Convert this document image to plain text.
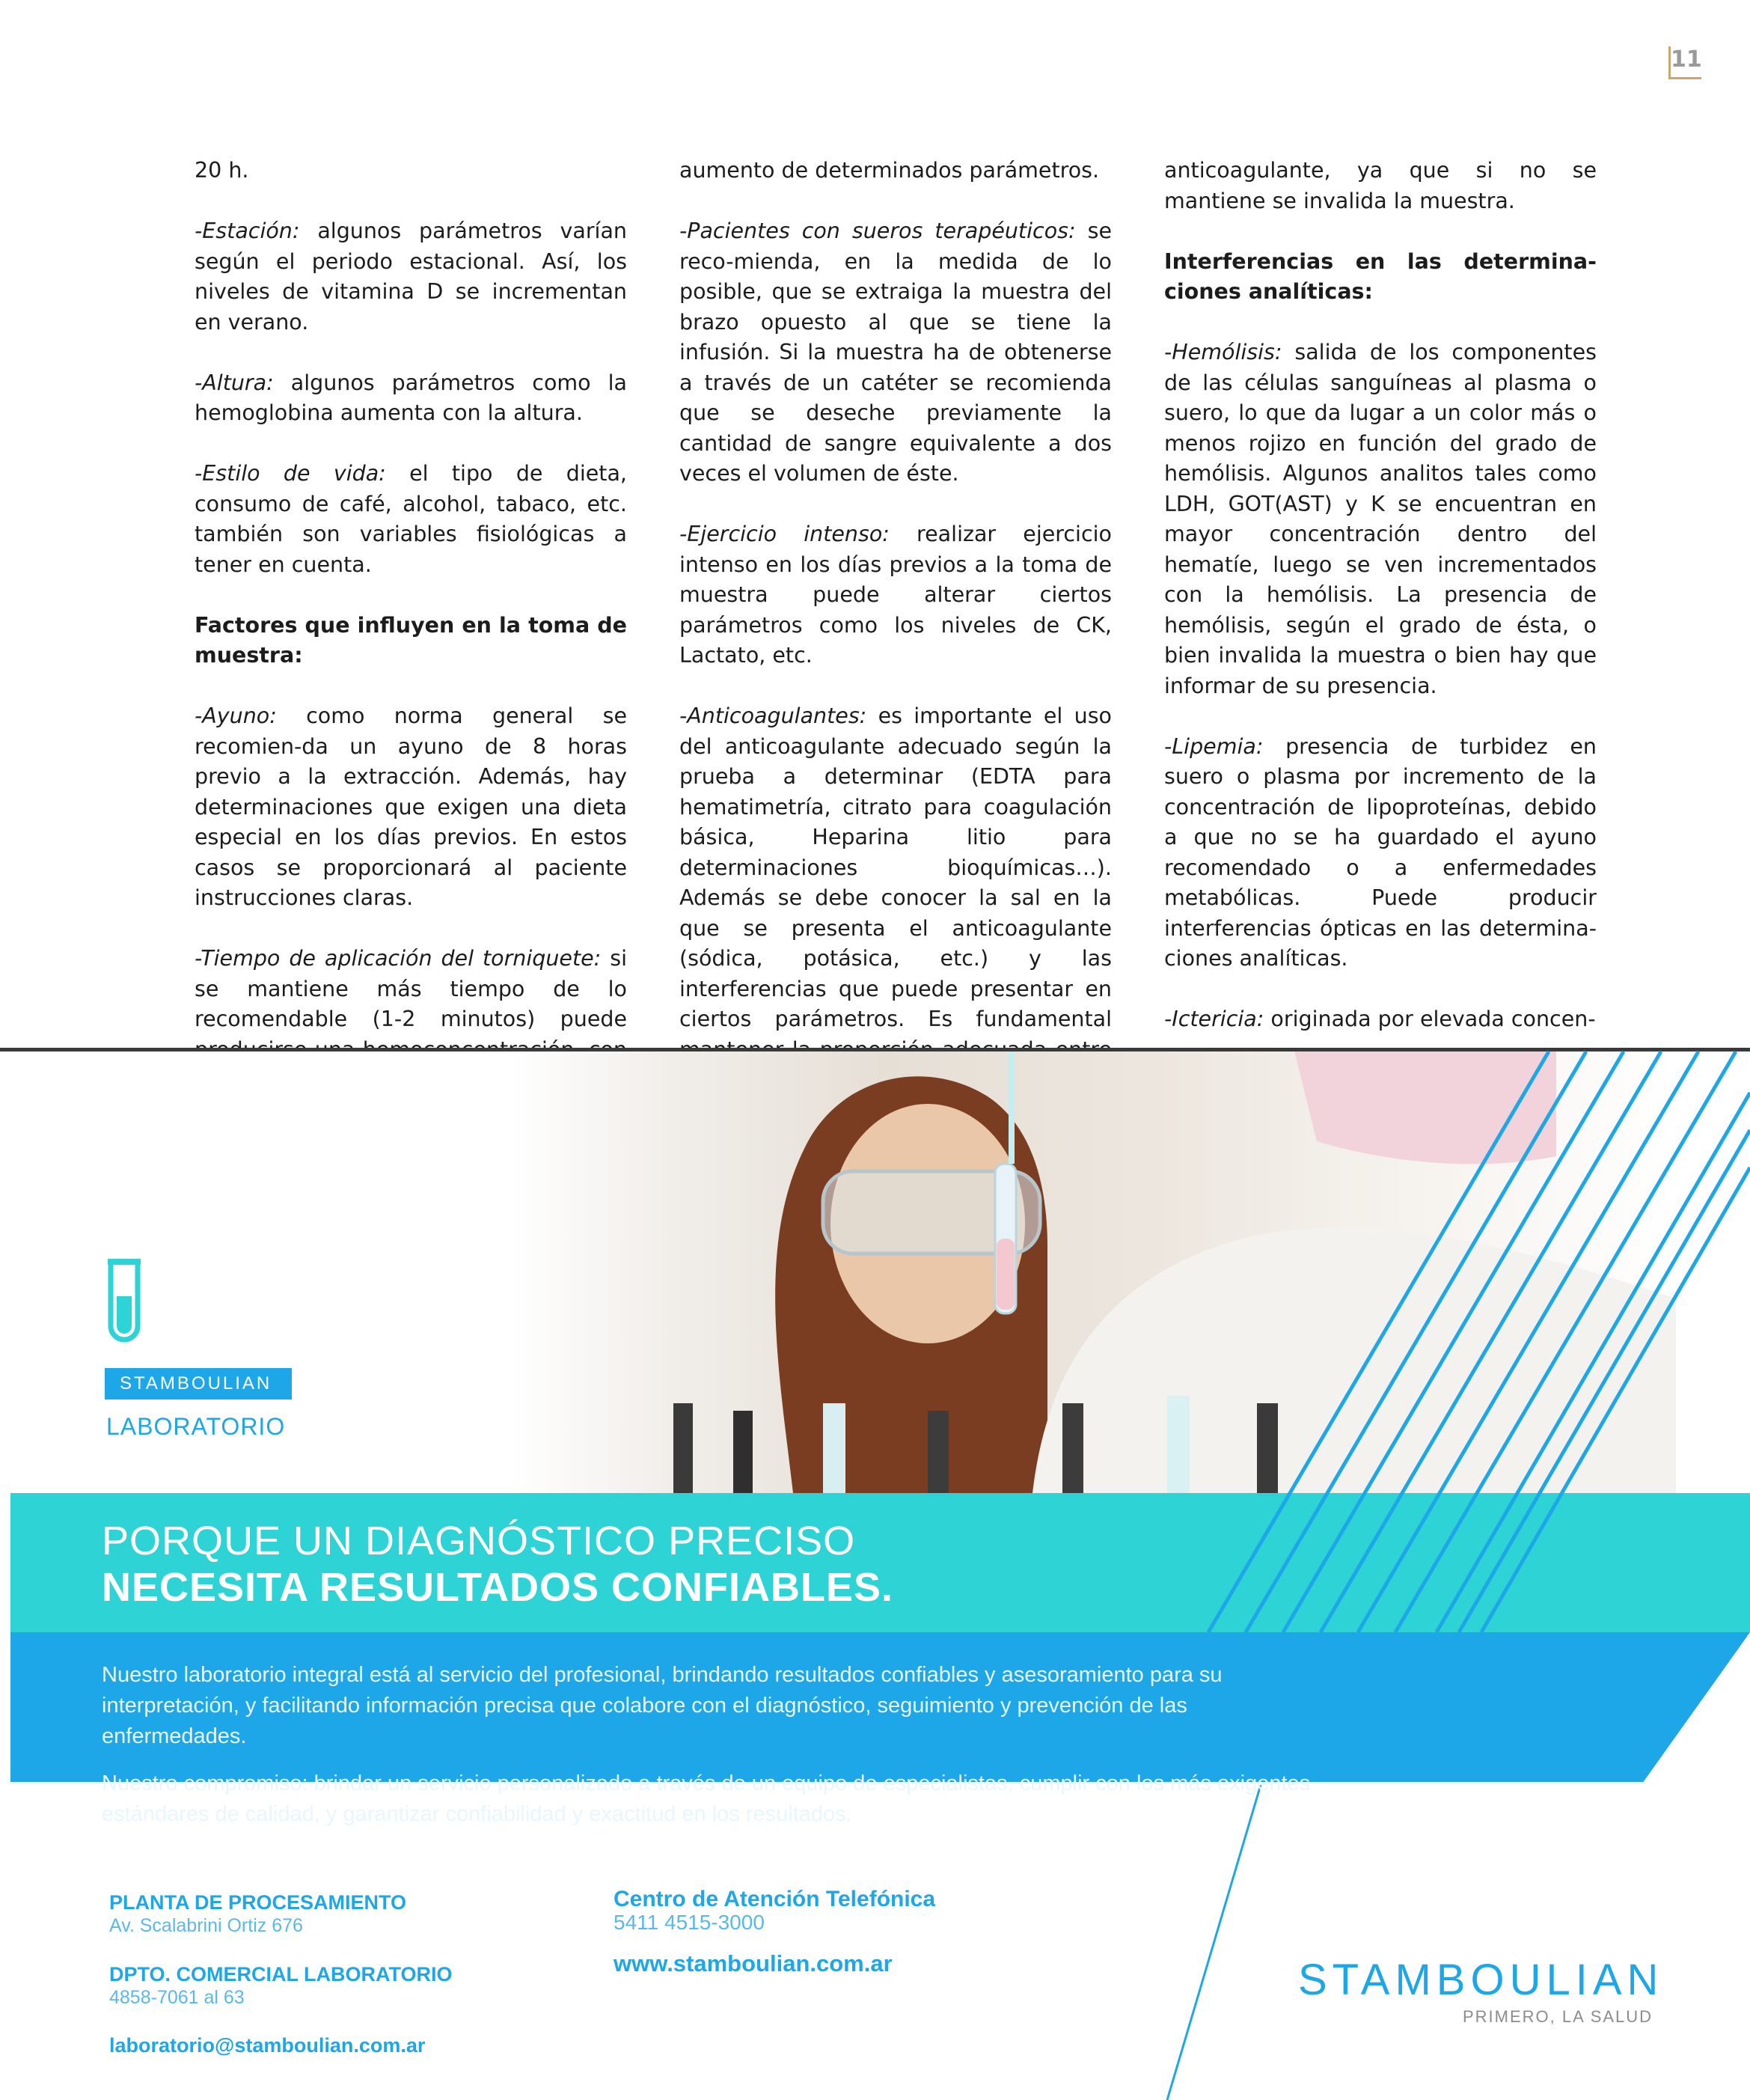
11

20 h.

-Estación: algunos parámetros varían según el periodo estacional. Así, los niveles de vitamina D se incrementan en verano.

-Altura: algunos parámetros como la hemoglobina aumenta con la altura.

-Estilo de vida: el tipo de dieta, consumo de café, alcohol, tabaco, etc. también son variables fisiológicas a tener en cuenta.

Factores que influyen en la toma de muestra:

-Ayuno: como norma general se recomien-da un ayuno de 8 horas previo a la extracción. Además, hay determinaciones que exigen una dieta especial en los días previos. En estos casos se proporcionará al paciente instrucciones claras.

-Tiempo de aplicación del torniquete: si se mantiene más tiempo de lo recomendable (1-2 minutos) puede

aumento de determinados parámetros.

-Pacientes con sueros terapéuticos: se reco-mienda, en la medida de lo posible, que se extraiga la muestra del brazo opuesto al que se tiene la infusión. Si la muestra ha de obtenerse a través de un catéter se recomienda que se deseche previamente la cantidad de sangre equivalente a dos veces el volumen de éste.

-Ejercicio intenso: realizar ejercicio intenso en los días previos a la toma de muestra puede alterar ciertos parámetros como los niveles de CK, Lactato, etc.

-Anticoagulantes: es importante el uso del anticoagulante adecuado según la prueba a determinar (EDTA para hematimetría, citrato para coagulación básica, Heparina litio para determinaciones bioquímicas…). Además se debe conocer la sal en la que se presenta el anticoagulante (sódica, potásica, etc.) y las interferencias que puede presentar en ciertos parámetros. Es fundamental

anticoagulante, ya que si no se mantiene se invalida la muestra.

Interferencias en las determina-ciones analíticas:

-Hemólisis: salida de los componentes de las células sanguíneas al plasma o suero, lo que da lugar a un color más o menos rojizo en función del grado de hemólisis. Algunos analitos tales como LDH, GOT(AST) y K se encuentran en mayor concentración dentro del hematíe, luego se ven incrementados con la hemólisis. La presencia de hemólisis, según el grado de ésta, o bien invalida la muestra o bien hay que informar de su presencia.

-Lipemia: presencia de turbidez en suero o plasma por incremento de la concentración de lipoproteínas, debido a que no se ha guardado el ayuno recomendado o a enfermedades metabólicas. Puede producir interferencias ópticas en las determina-ciones analíticas.

-Ictericia: originada por elevada concen-

STAMBOULIAN
LABORATORIO
PORQUE UN DIAGNÓSTICO PRECISO
NECESITA RESULTADOS CONFIABLES.

Nuestro laboratorio integral está al servicio del profesional, brindando resultados confiables y asesoramiento para su interpretación, y facilitando información precisa que colabore con el diagnóstico, seguimiento y prevención de las enfermedades.

Nuestro compromiso: brindar un servicio personalizado a través de un equipo de especialistas, cumplir con los más exigentes estándares de calidad, y garantizar confiabilidad y exactitud en los resultados.

PLANTA DE PROCESAMIENTO
Av. Scalabrini Ortiz 676
DPTO. COMERCIAL LABORATORIO
4858-7061 al 63
laboratorio@stamboulian.com.ar
Centro de Atención Telefónica
5411 4515-3000
www.stamboulian.com.ar	STAMBOULIAN
PRIMERO, LA SALUD
